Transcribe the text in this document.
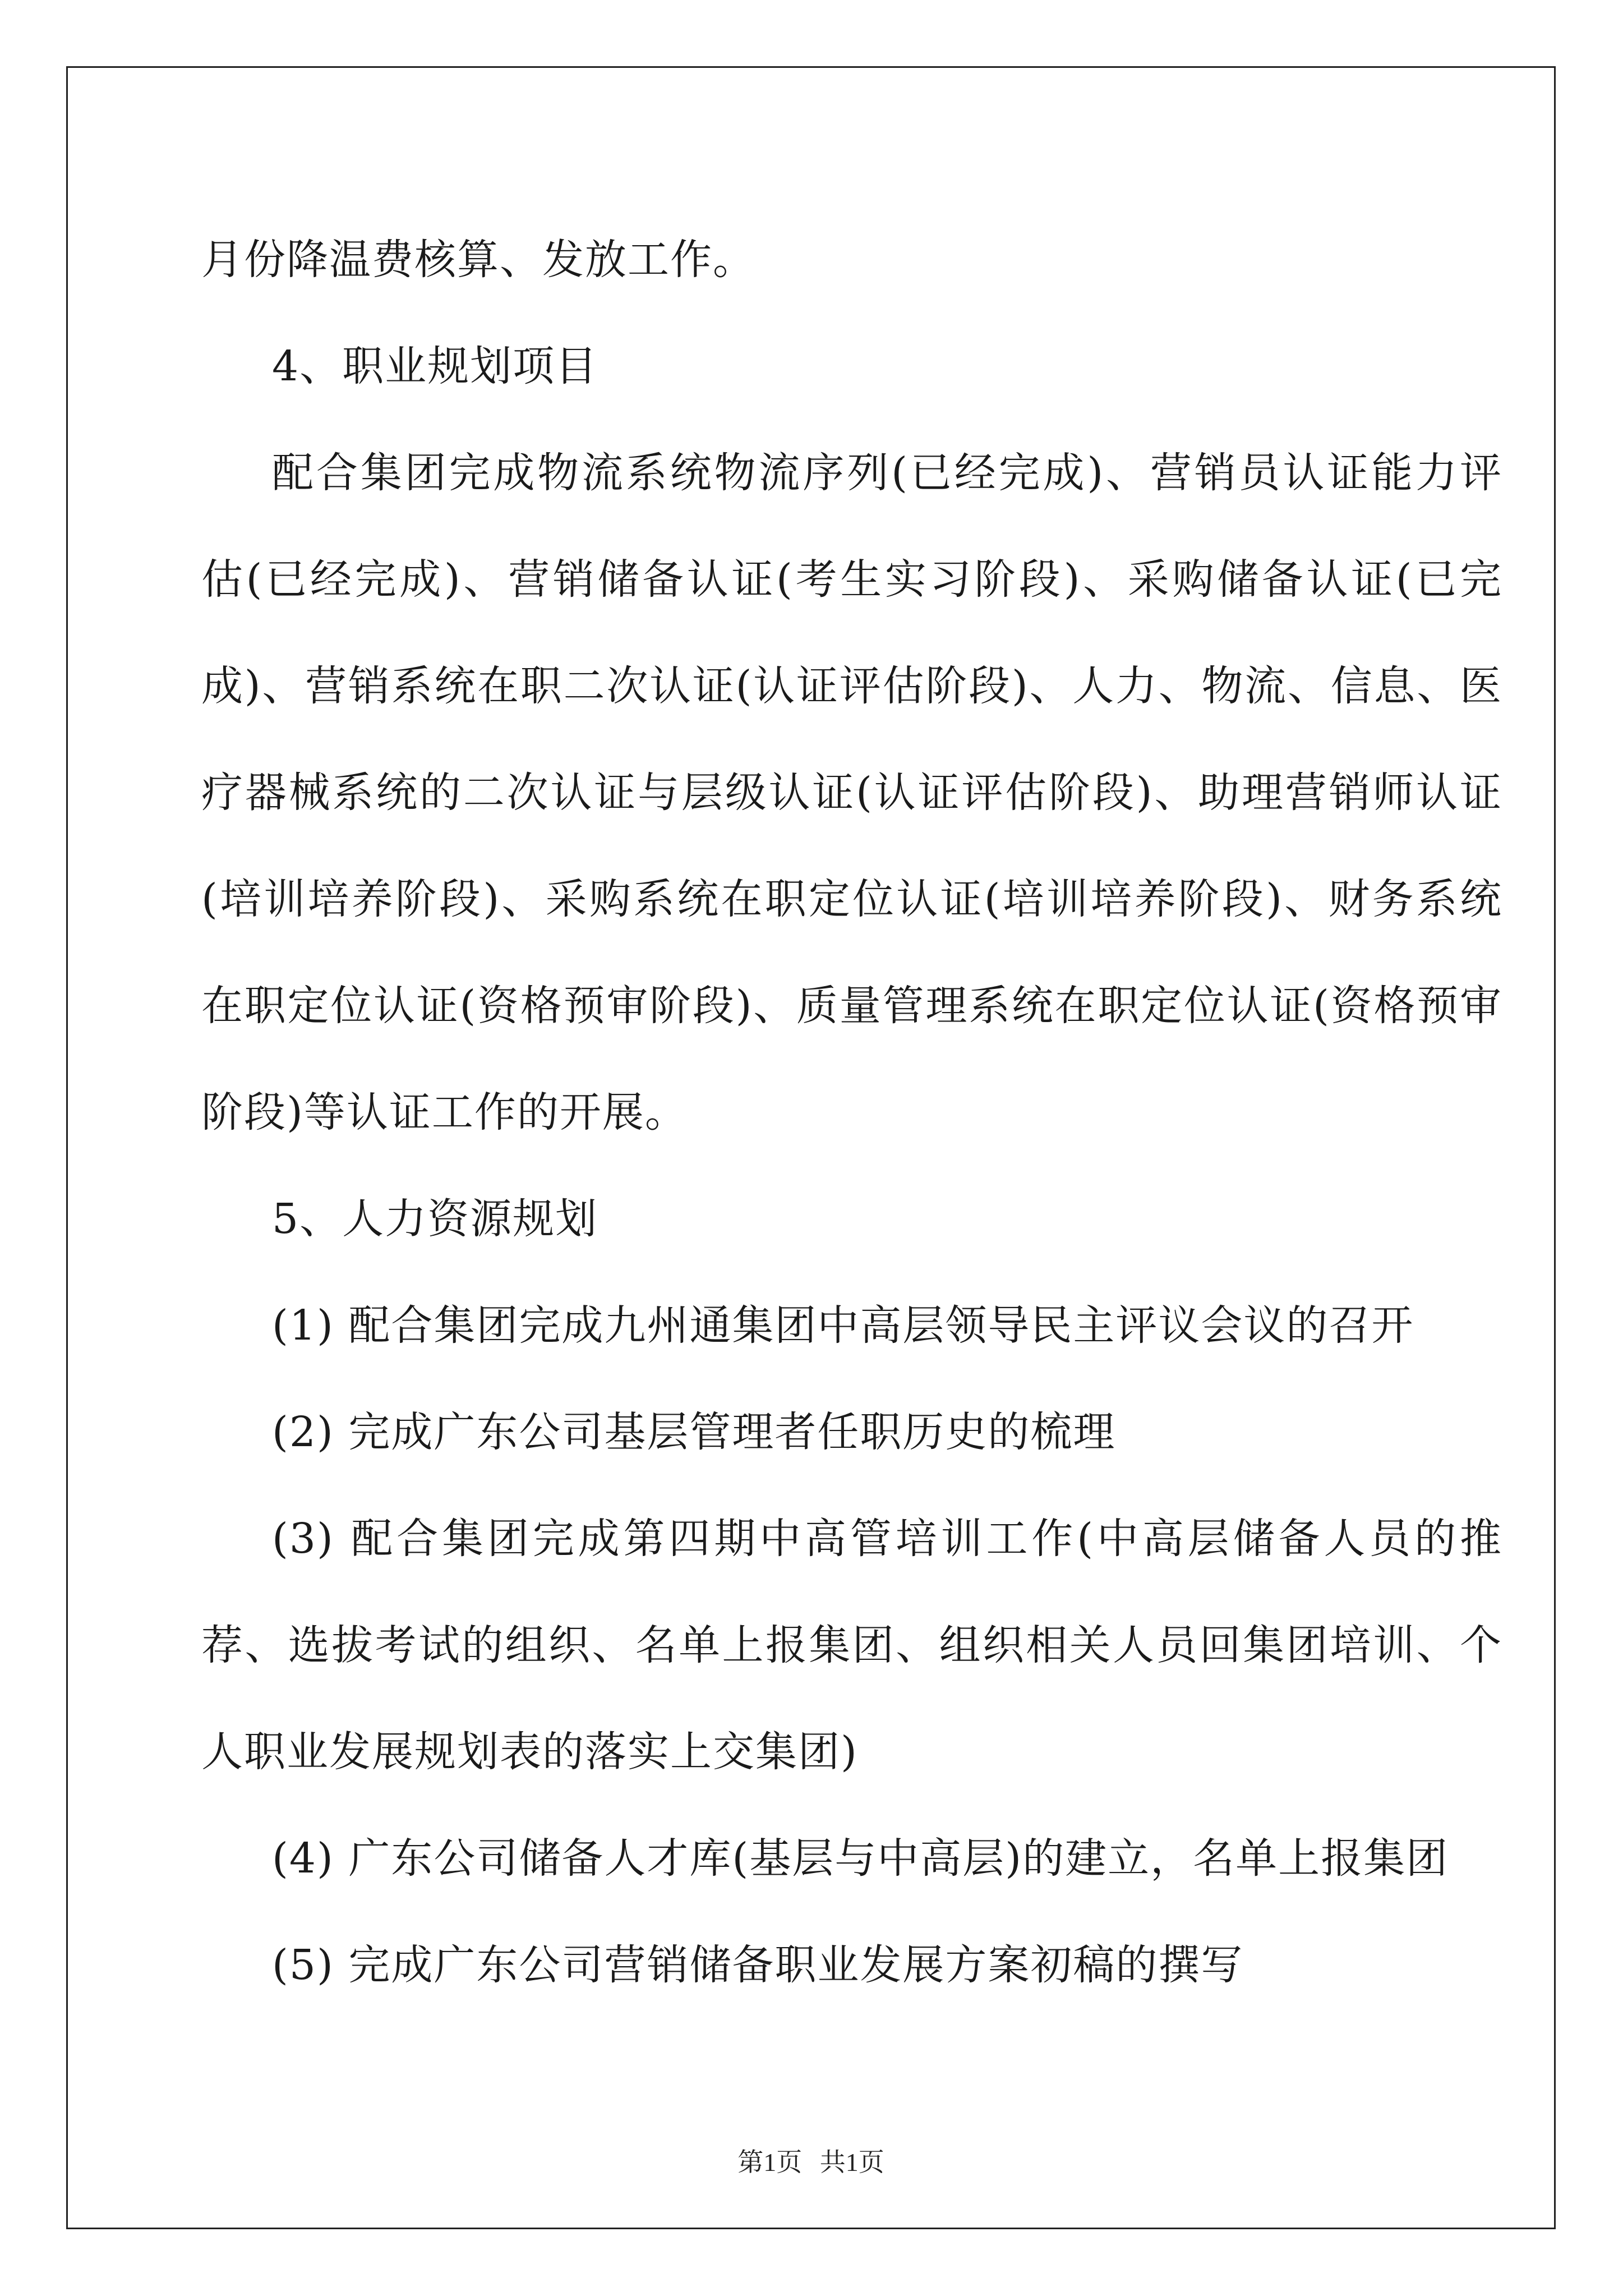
月份降温费核算、发放工作。

4、职业规划项目

配合集团完成物流系统物流序列(已经完成)、营销员认证能力评

估(已经完成)、营销储备认证(考生实习阶段)、采购储备认证(已完

成)、营销系统在职二次认证(认证评估阶段)、人力、物流、信息、医

疗器械系统的二次认证与层级认证(认证评估阶段)、助理营销师认证

(培训培养阶段)、采购系统在职定位认证(培训培养阶段)、财务系统

在职定位认证(资格预审阶段)、质量管理系统在职定位认证(资格预审

阶段)等认证工作的开展。

5、人力资源规划

(1) 配合集团完成九州通集团中高层领导民主评议会议的召开

(2) 完成广东公司基层管理者任职历史的梳理

(3) 配合集团完成第四期中高管培训工作(中高层储备人员的推

荐、选拔考试的组织、名单上报集团、组织相关人员回集团培训、个

人职业发展规划表的落实上交集团)

(4) 广东公司储备人才库(基层与中高层)的建立，名单上报集团

(5) 完成广东公司营销储备职业发展方案初稿的撰写

第1页 共1页
